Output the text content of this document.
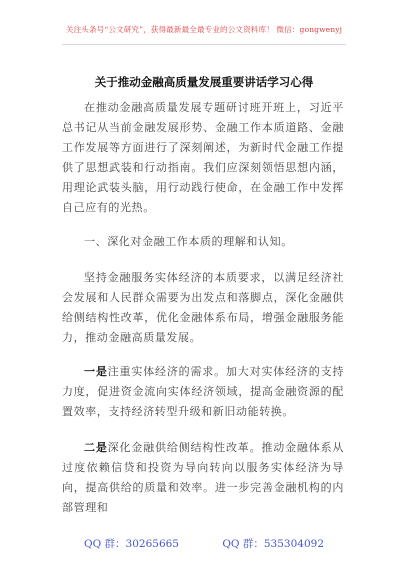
关注头条号“公文研究”，获得最新最全最专业的公文资料库！ 微信：gongwenyj
关于推动金融高质量发展重要讲话学习心得

在推动金融高质量发展专题研讨班开班上，习近平总书记从当前金融发展形势、金融工作本质道路、金融工作发展等方面进行了深刻阐述，为新时代金融工作提供了思想武装和行动指南。我们应深刻领悟思想内涵，用理论武装头脑，用行动践行使命，在金融工作中发挥自己应有的光热。

一、深化对金融工作本质的理解和认知。

坚持金融服务实体经济的本质要求，以满足经济社会发展和人民群众需要为出发点和落脚点，深化金融供给侧结构性改革，优化金融体系布局，增强金融服务能力，推动金融高质量发展。

一是注重实体经济的需求。加大对实体经济的支持力度，促进资金流向实体经济领域，提高金融资源的配置效率，支持经济转型升级和新旧动能转换。

二是深化金融供给侧结构性改革。推动金融体系从过度依赖信贷和投资为导向转向以服务实体经济为导向，提高供给的质量和效率。进一步完善金融机构的内部管理和

QQ 群：30265665	QQ 群：535304092
